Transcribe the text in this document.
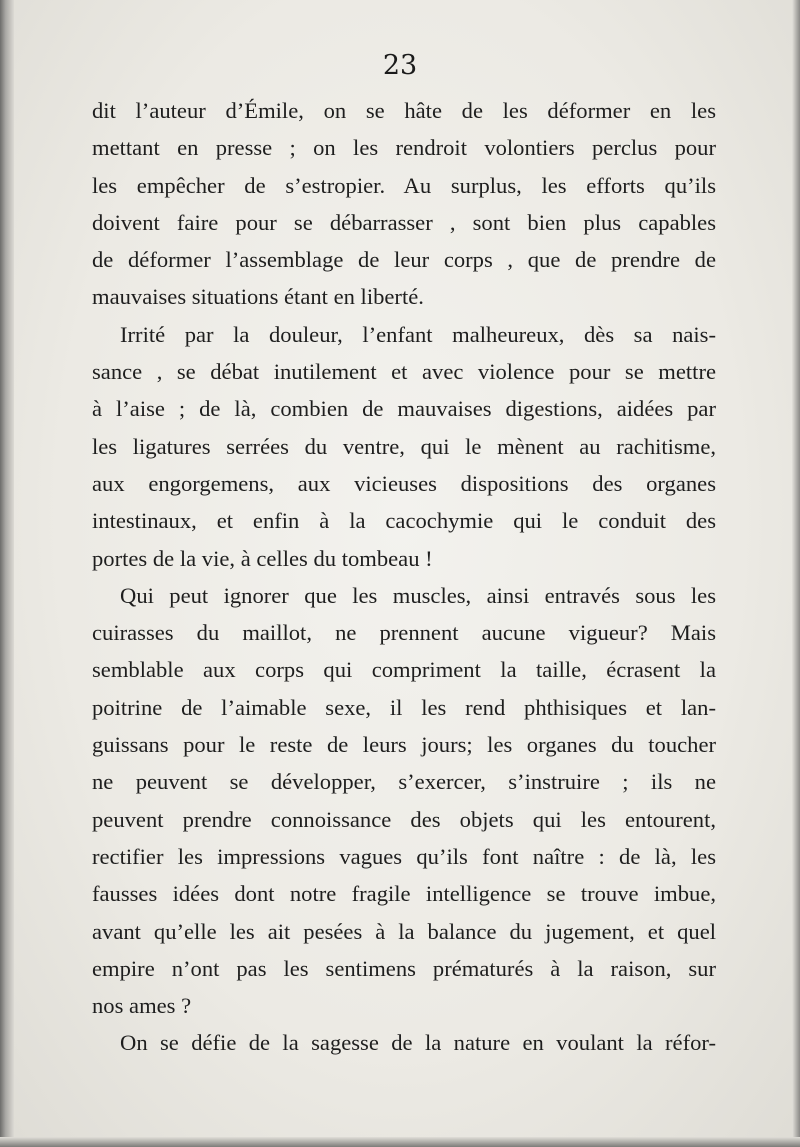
23
dit l’auteur d’Émile, on se hâte de les déformer en les
mettant en presse ; on les rendroit volontiers perclus pour
les empêcher de s’estropier. Au surplus, les efforts qu’ils
doivent faire pour se débarrasser , sont bien plus capables
de déformer l’assemblage de leur corps , que de prendre de
mauvaises situations étant en liberté.
Irrité par la douleur, l’enfant malheureux, dès sa nais-
sance , se débat inutilement et avec violence pour se mettre
à l’aise ; de là, combien de mauvaises digestions, aidées par
les ligatures serrées du ventre, qui le mènent au rachitisme,
aux engorgemens, aux vicieuses dispositions des organes
intestinaux, et enfin à la cacochymie qui le conduit des
portes de la vie, à celles du tombeau !
Qui peut ignorer que les muscles, ainsi entravés sous les
cuirasses du maillot, ne prennent aucune vigueur? Mais
semblable aux corps qui compriment la taille, écrasent la
poitrine de l’aimable sexe, il les rend phthisiques et lan-
guissans pour le reste de leurs jours; les organes du toucher
ne peuvent se développer, s’exercer, s’instruire ; ils ne
peuvent prendre connoissance des objets qui les entourent,
rectifier les impressions vagues qu’ils font naître : de là, les
fausses idées dont notre fragile intelligence se trouve imbue,
avant qu’elle les ait pesées à la balance du jugement, et quel
empire n’ont pas les sentimens prématurés à la raison, sur
nos ames ?
On se défie de la sagesse de la nature en voulant la réfor-
